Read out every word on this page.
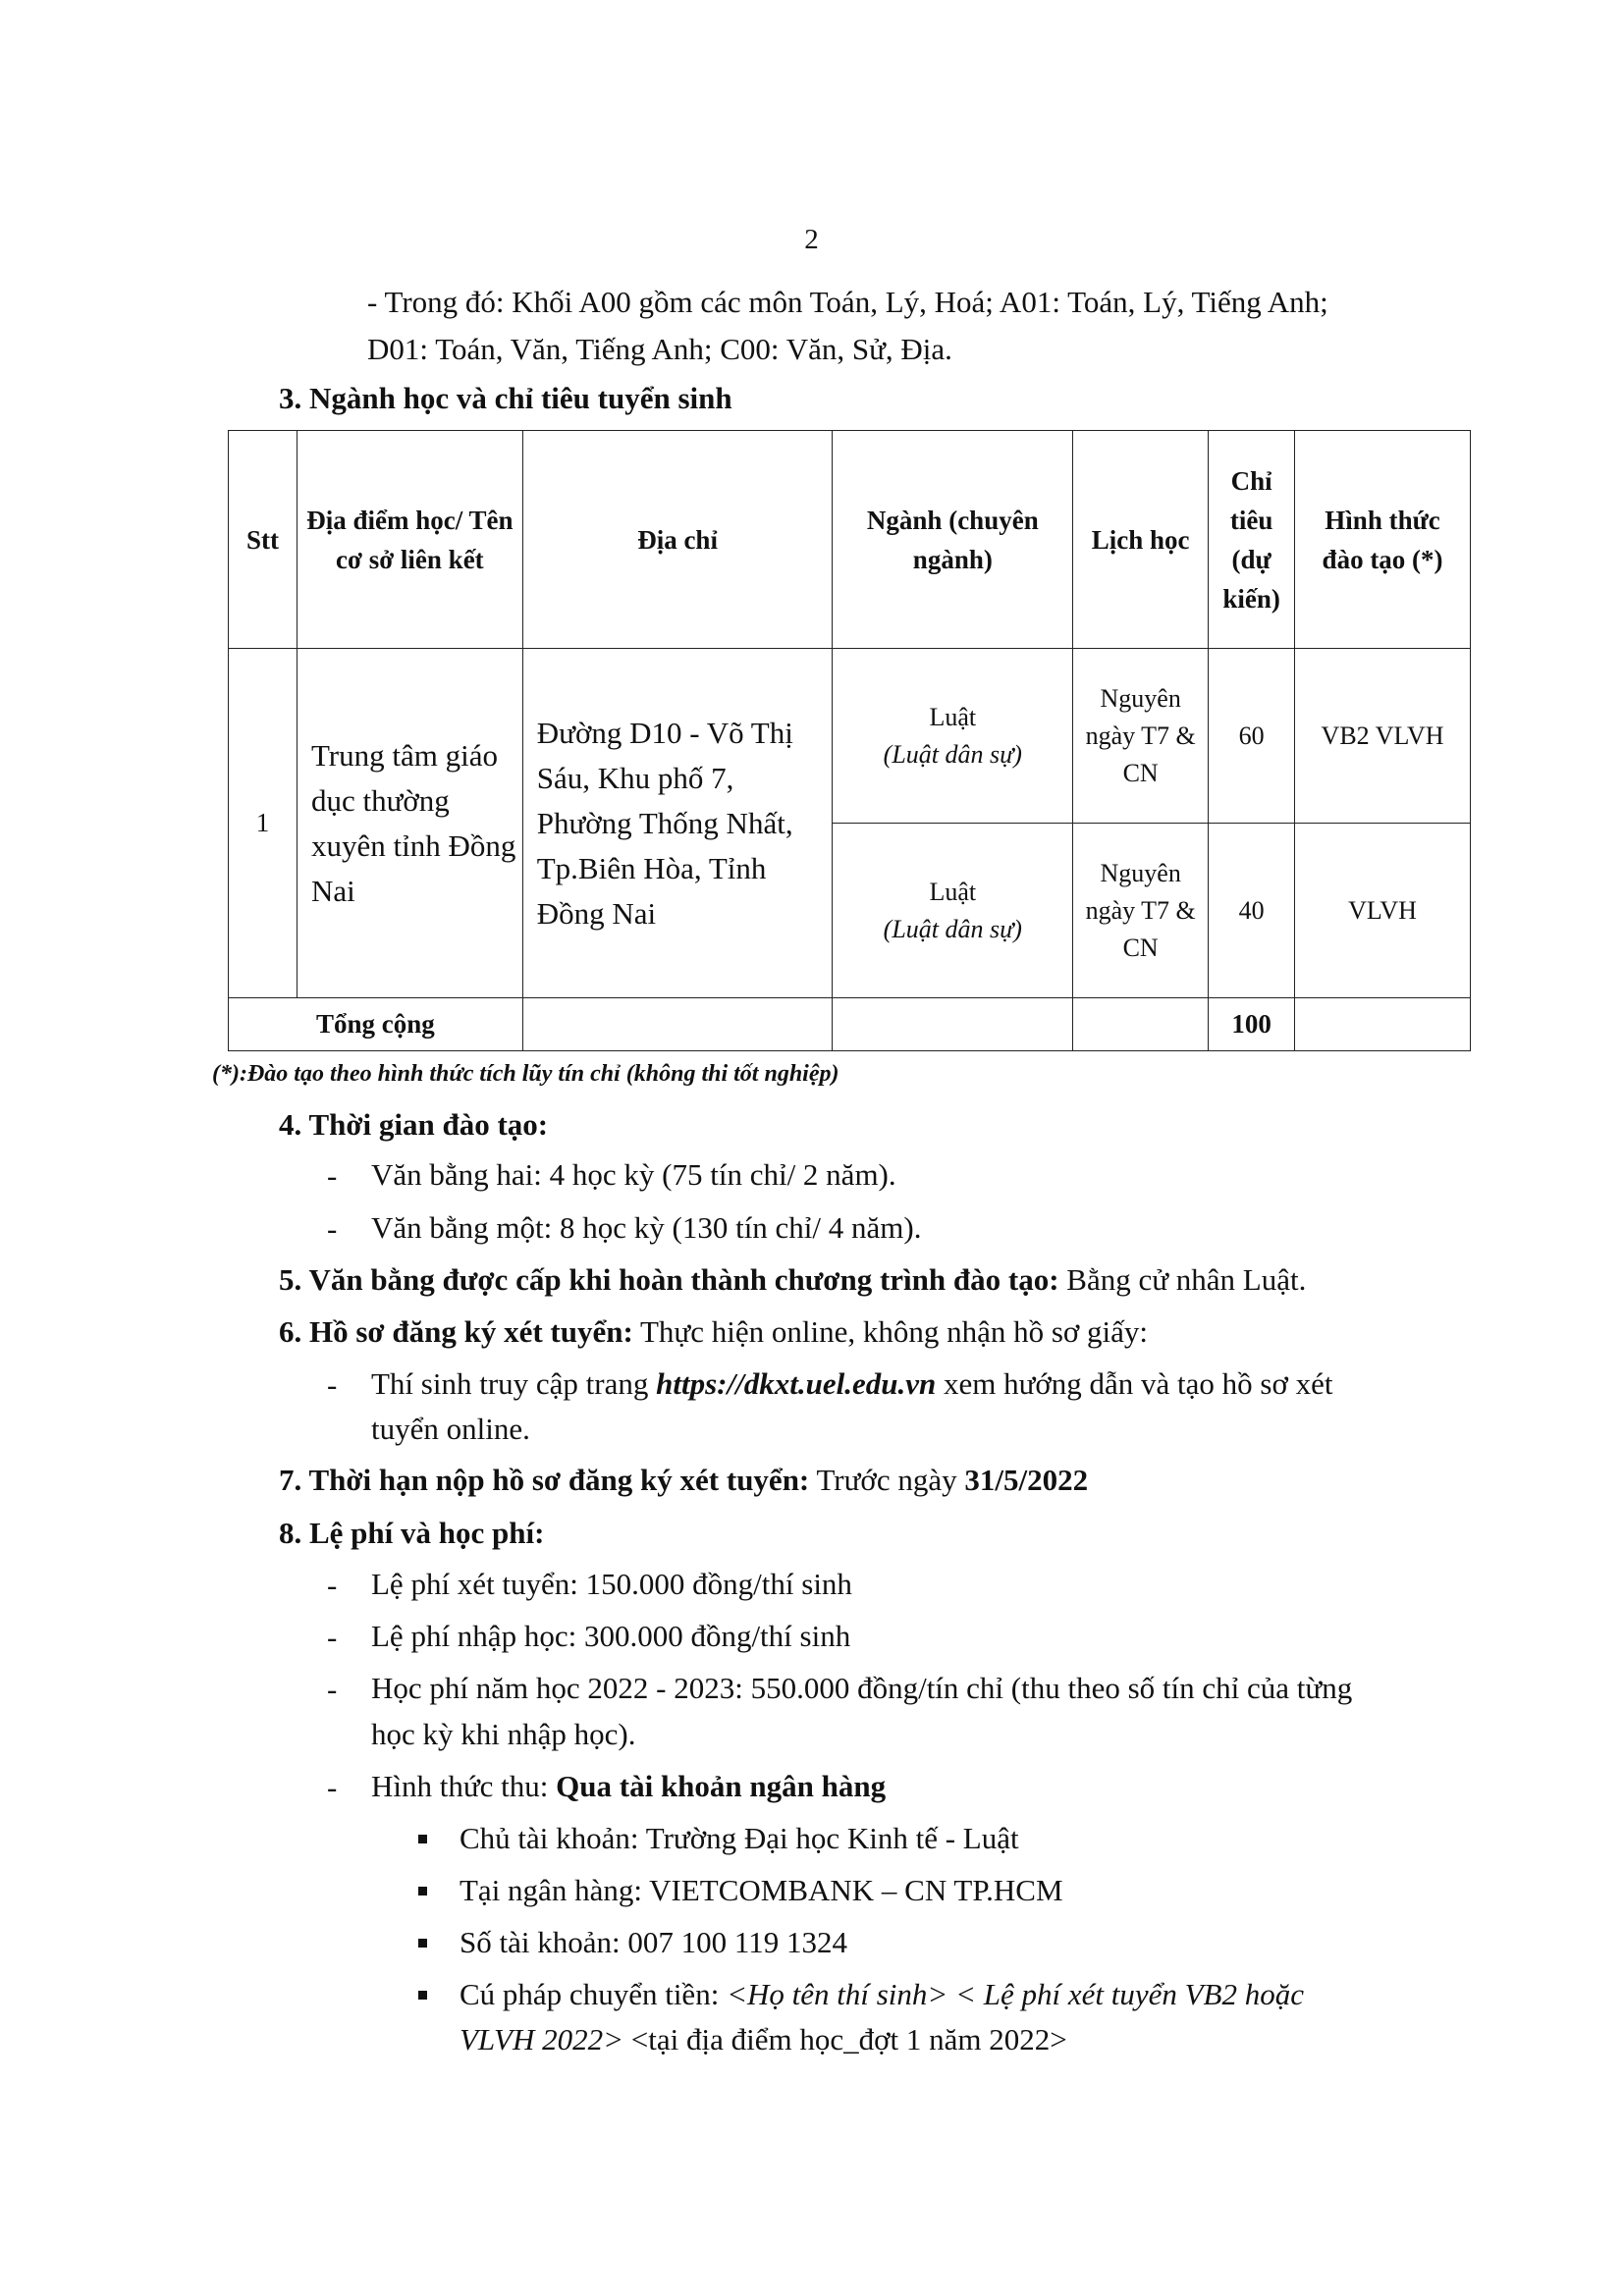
2
- Trong đó: Khối A00 gồm các môn Toán, Lý, Hoá; A01: Toán, Lý, Tiếng Anh;
D01: Toán, Văn, Tiếng Anh; C00: Văn, Sử, Địa.
3. Ngành học và chỉ tiêu tuyển sinh
Stt	Địa điểm học/ Tên cơ sở liên kết	Địa chỉ	Ngành (chuyên ngành)	Lịch học	Chỉ tiêu (dự kiến)	Hình thức đào tạo (*)
1	Trung tâm giáo dục thường xuyên tỉnh Đồng Nai	Đường D10 - Võ Thị Sáu, Khu phố 7, Phường Thống Nhất, Tp.Biên Hòa, Tỉnh Đồng Nai	Luật
(Luật dân sự)	Nguyên ngày T7 & CN	60	VB2 VLVH

			Luật
(Luật dân sự)	Nguyên ngày T7 & CN	40	VLVH
Tổng cộng					100	
(*):Đào tạo theo hình thức tích lũy tín chỉ (không thi tốt nghiệp)
4. Thời gian đào tạo:
- Văn bằng hai: 4 học kỳ (75 tín chỉ/ 2 năm).
- Văn bằng một: 8 học kỳ (130 tín chỉ/ 4 năm).
5. Văn bằng được cấp khi hoàn thành chương trình đào tạo: Bằng cử nhân Luật.
6. Hồ sơ đăng ký xét tuyển: Thực hiện online, không nhận hồ sơ giấy:
- Thí sinh truy cập trang https://dkxt.uel.edu.vn xem hướng dẫn và tạo hồ sơ xét
tuyển online.
7. Thời hạn nộp hồ sơ đăng ký xét tuyển: Trước ngày 31/5/2022
8. Lệ phí và học phí:
- Lệ phí xét tuyển: 150.000 đồng/thí sinh
- Lệ phí nhập học: 300.000 đồng/thí sinh
- Học phí năm học 2022 - 2023: 550.000 đồng/tín chỉ (thu theo số tín chỉ của từng
học kỳ khi nhập học).
- Hình thức thu: Qua tài khoản ngân hàng
Chủ tài khoản: Trường Đại học Kinh tế - Luật
Tại ngân hàng: VIETCOMBANK – CN TP.HCM
Số tài khoản: 007 100 119 1324
Cú pháp chuyển tiền: <Họ tên thí sinh> < Lệ phí xét tuyển VB2 hoặc
VLVH 2022> <tại địa điểm học_đợt 1 năm 2022>
